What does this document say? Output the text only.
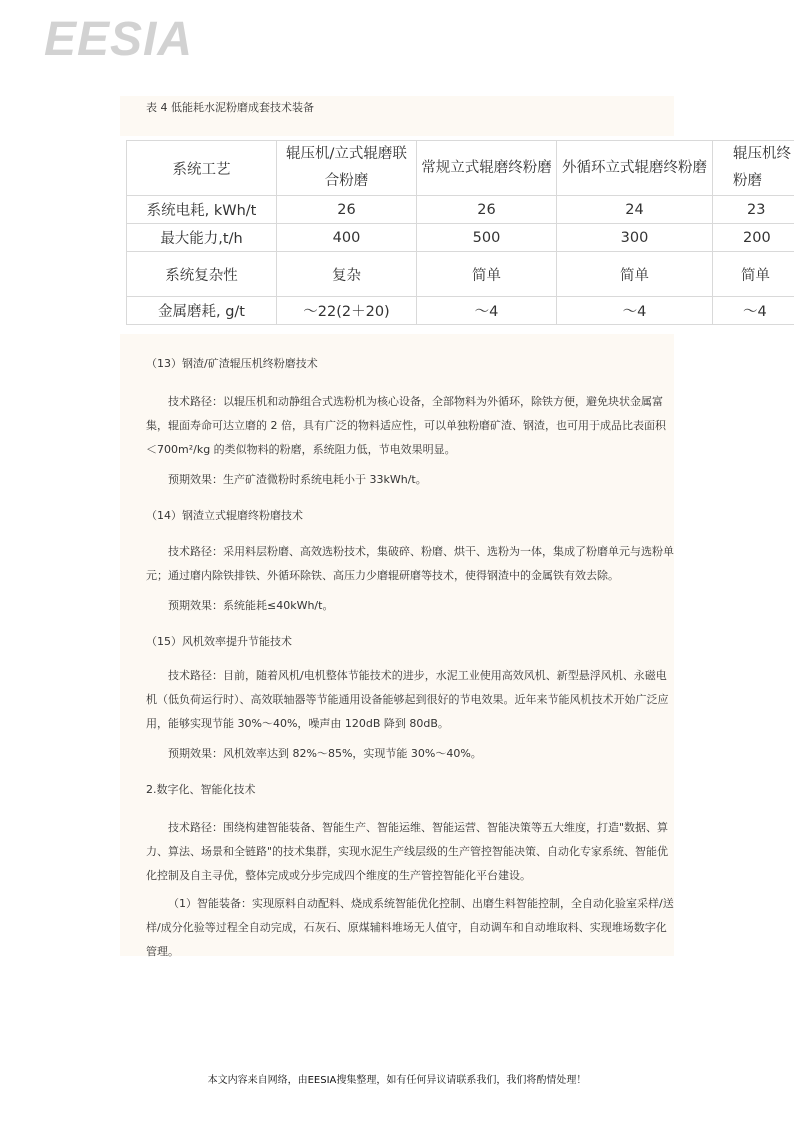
EESIA
表 4 低能耗水泥粉磨成套技术装备
系统工艺	辊压机/立式辊磨联合粉磨	常规立式辊磨终粉磨	外循环立式辊磨终粉磨	辊压机终粉磨
系统电耗, kWh/t	26	26	24	23
最大能力,t/h	400	500	300	200
系统复杂性	复杂	简单	简单	简单
金属磨耗, g/t	～22(2＋20)	～4	～4	～4

（13）钢渣/矿渣辊压机终粉磨技术

技术路径：以辊压机和动静组合式选粉机为核心设备，全部物料为外循环，除铁方便，避免块状金属富集，辊面寿命可达立磨的 2 倍，具有广泛的物料适应性，可以单独粉磨矿渣、钢渣，也可用于成品比表面积＜700m²/kg 的类似物料的粉磨，系统阻力低，节电效果明显。

预期效果：生产矿渣微粉时系统电耗小于 33kWh/t。

（14）钢渣立式辊磨终粉磨技术

技术路径：采用料层粉磨、高效选粉技术，集破碎、粉磨、烘干、选粉为一体，集成了粉磨单元与选粉单元；通过磨内除铁排铁、外循环除铁、高压力少磨辊研磨等技术，使得钢渣中的金属铁有效去除。

预期效果：系统能耗≤40kWh/t。

（15）风机效率提升节能技术

技术路径：目前，随着风机/电机整体节能技术的进步，水泥工业使用高效风机、新型悬浮风机、永磁电机（低负荷运行时）、高效联轴器等节能通用设备能够起到很好的节电效果。近年来节能风机技术开始广泛应用，能够实现节能 30%～40%，噪声由 120dB 降到 80dB。

预期效果：风机效率达到 82%～85%，实现节能 30%～40%。

2.数字化、智能化技术

技术路径：围绕构建智能装备、智能生产、智能运维、智能运营、智能决策等五大维度，打造"数据、算力、算法、场景和全链路"的技术集群，实现水泥生产线层级的生产管控智能决策、自动化专家系统、智能优化控制及自主寻优，整体完成或分步完成四个维度的生产管控智能化平台建设。

（1）智能装备：实现原料自动配料、烧成系统智能优化控制、出磨生料智能控制，全自动化验室采样/送样/成分化验等过程全自动完成，石灰石、原煤辅料堆场无人值守，自动调车和自动堆取料、实现堆场数字化管理。

本文内容来自网络，由EESIA搜集整理，如有任何异议请联系我们，我们将酌情处理！
